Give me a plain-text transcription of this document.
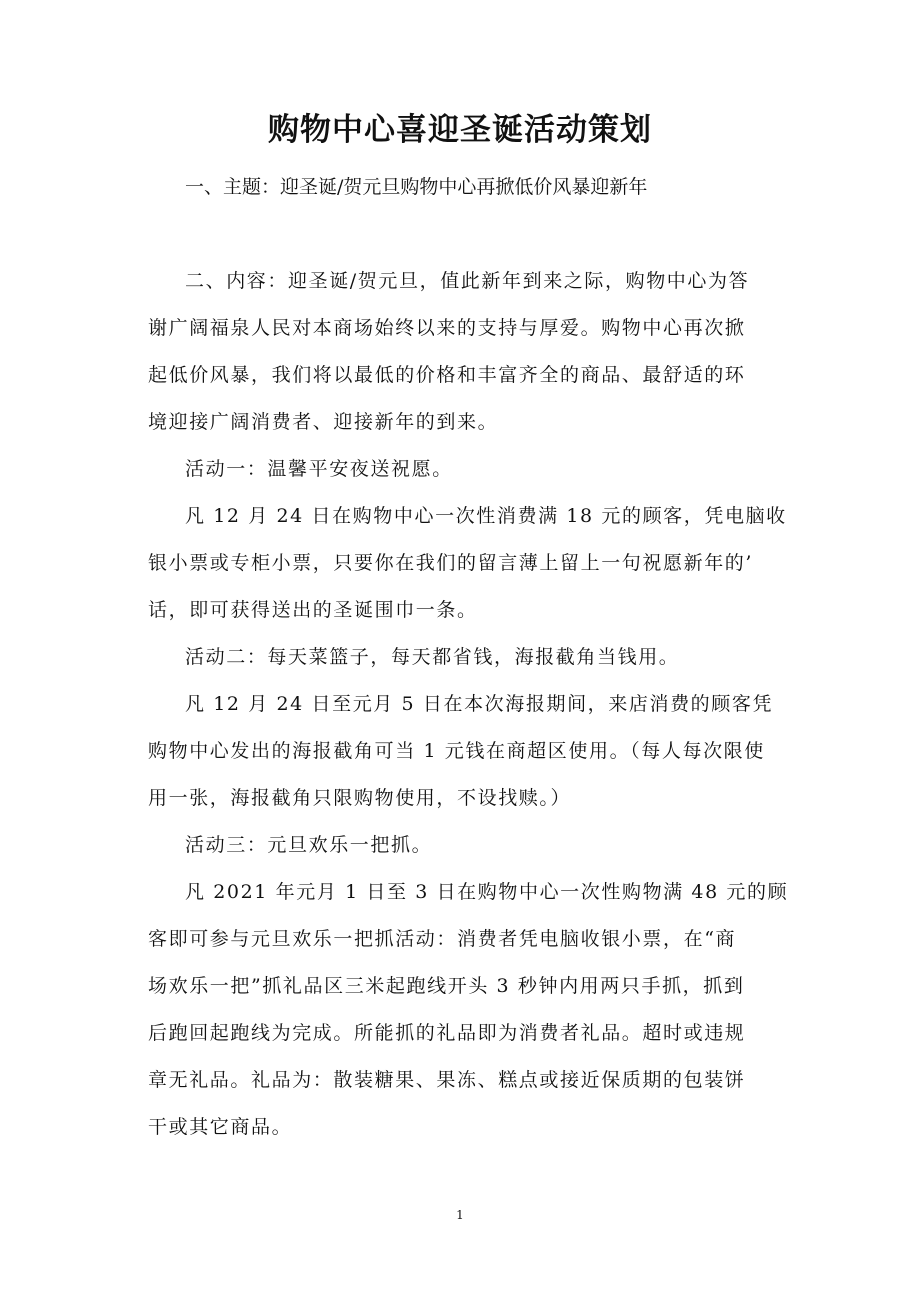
购物中心喜迎圣诞活动策划
一、主题：迎圣诞/贺元旦购物中心再掀低价风暴迎新年
二、内容：迎圣诞/贺元旦，值此新年到来之际，购物中心为答
谢广阔福泉人民对本商场始终以来的支持与厚爱。购物中心再次掀
起低价风暴，我们将以最低的价格和丰富齐全的商品、最舒适的环
境迎接广阔消费者、迎接新年的到来。
活动一：温馨平安夜送祝愿。
凡 12 月 24 日在购物中心一次性消费满 18 元的顾客，凭电脑收
银小票或专柜小票，只要你在我们的留言薄上留上一句祝愿新年的’
话，即可获得送出的圣诞围巾一条。
活动二：每天菜篮子，每天都省钱，海报截角当钱用。
凡 12 月 24 日至元月 5 日在本次海报期间，来店消费的顾客凭
购物中心发出的海报截角可当 1 元钱在商超区使用。（每人每次限使
用一张，海报截角只限购物使用，不设找赎。）
活动三：元旦欢乐一把抓。
凡 2021 年元月 1 日至 3 日在购物中心一次性购物满 48 元的顾
客即可参与元旦欢乐一把抓活动：消费者凭电脑收银小票，在“商
场欢乐一把”抓礼品区三米起跑线开头 3 秒钟内用两只手抓，抓到
后跑回起跑线为完成。所能抓的礼品即为消费者礼品。超时或违规
章无礼品。礼品为：散装糖果、果冻、糕点或接近保质期的包装饼
干或其它商品。
1
